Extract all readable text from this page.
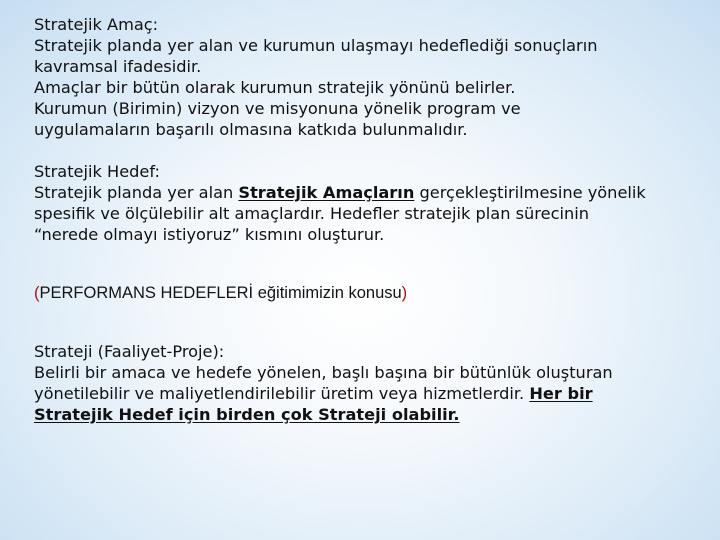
Stratejik Amaç:

Stratejik planda yer alan ve kurumun ulaşmayı hedeflediği sonuçların

kavramsal ifadesidir.

Amaçlar bir bütün olarak kurumun stratejik yönünü belirler.

Kurumun (Birimin) vizyon ve misyonuna yönelik program ve

uygulamaların başarılı olmasına katkıda bulunmalıdır.

Stratejik Hedef:

Stratejik planda yer alan Stratejik Amaçların gerçekleştirilmesine yönelik

spesifik ve ölçülebilir alt amaçlardır. Hedefler stratejik plan sürecinin

“nerede olmayı istiyoruz” kısmını oluşturur.

(PERFORMANS HEDEFLERİ eğitimimizin konusu)

Strateji (Faaliyet-Proje):

Belirli bir amaca ve hedefe yönelen, başlı başına bir bütünlük oluşturan

yönetilebilir ve maliyetlendirilebilir üretim veya hizmetlerdir. Her bir

Stratejik Hedef için birden çok Strateji olabilir.
